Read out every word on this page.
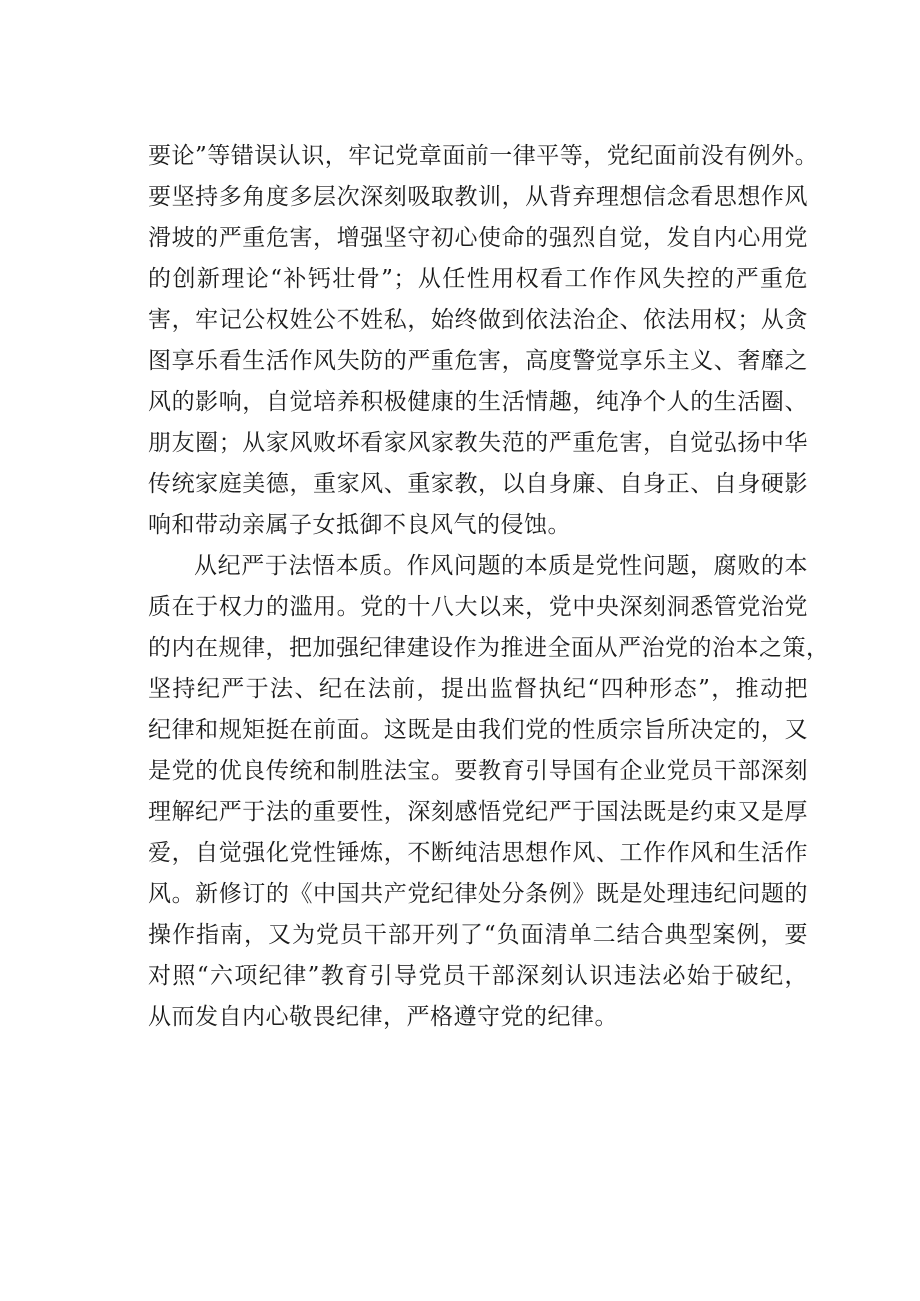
要论”等错误认识，牢记党章面前一律平等，党纪面前没有例外。
要坚持多角度多层次深刻吸取教训，从背弃理想信念看思想作风
滑坡的严重危害，增强坚守初心使命的强烈自觉，发自内心用党
的创新理论“补钙壮骨”；从任性用权看工作作风失控的严重危
害，牢记公权姓公不姓私，始终做到依法治企、依法用权；从贪
图享乐看生活作风失防的严重危害，高度警觉享乐主义、奢靡之
风的影响，自觉培养积极健康的生活情趣，纯净个人的生活圈、
朋友圈；从家风败坏看家风家教失范的严重危害，自觉弘扬中华
传统家庭美德，重家风、重家教，以自身廉、自身正、自身硬影
响和带动亲属子女抵御不良风气的侵蚀。
从纪严于法悟本质。作风问题的本质是党性问题，腐败的本
质在于权力的滥用。党的十八大以来，党中央深刻洞悉管党治党
的内在规律，把加强纪律建设作为推进全面从严治党的治本之策，
坚持纪严于法、纪在法前，提出监督执纪“四种形态”，推动把
纪律和规矩挺在前面。这既是由我们党的性质宗旨所决定的，又
是党的优良传统和制胜法宝。要教育引导国有企业党员干部深刻
理解纪严于法的重要性，深刻感悟党纪严于国法既是约束又是厚
爱，自觉强化党性锤炼，不断纯洁思想作风、工作作风和生活作
风。新修订的《中国共产党纪律处分条例》既是处理违纪问题的
操作指南，又为党员干部开列了“负面清单二结合典型案例，要
对照“六项纪律”教育引导党员干部深刻认识违法必始于破纪，
从而发自内心敬畏纪律，严格遵守党的纪律。
